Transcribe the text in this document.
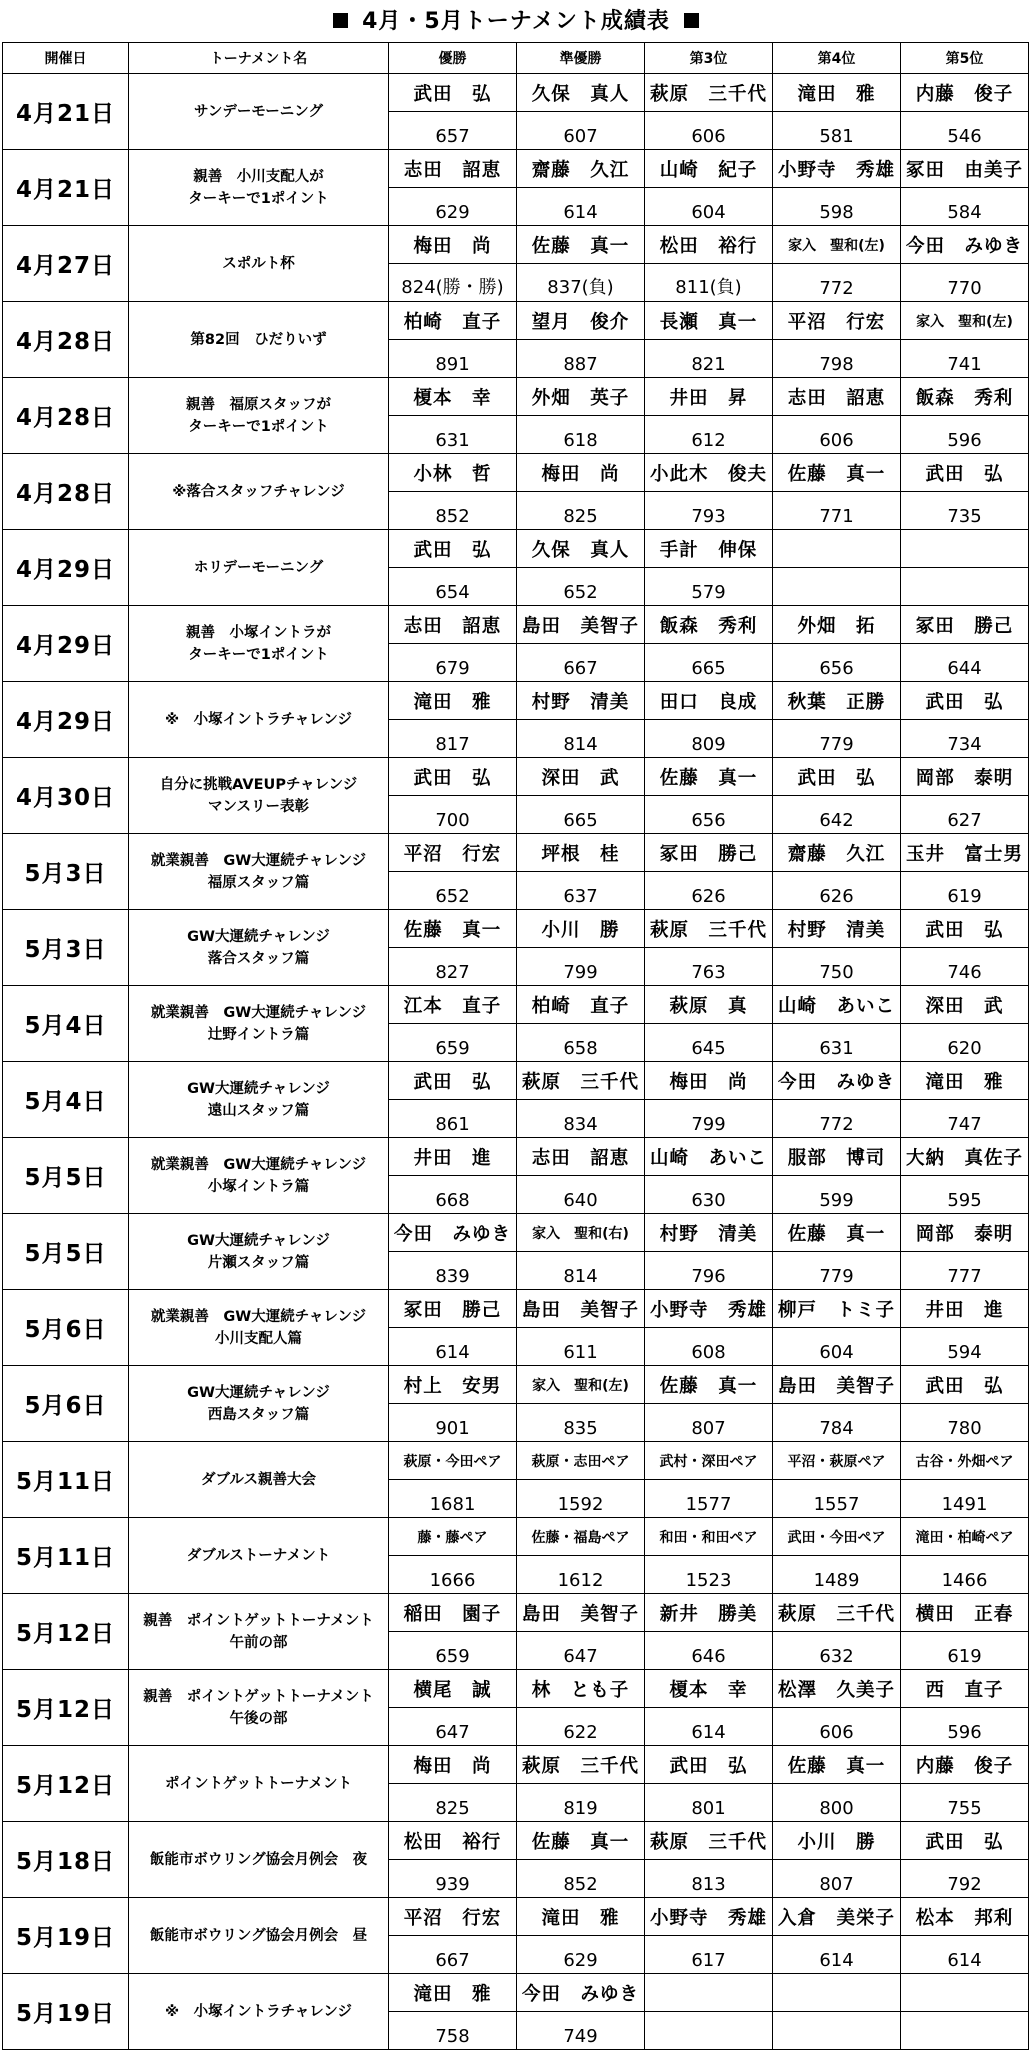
4月・5月トーナメント成績表
開催日	トーナメント名	優勝	準優勝	第3位	第4位	第5位
4月21日	サンデーモーニング	武田　弘	久保　真人	萩原　三千代	滝田　雅	内藤　俊子
		657	607	606	581	546
4月21日	親善　小川支配人が
ターキーで1ポイント	志田　詔恵	齋藤　久江	山崎　紀子	小野寺　秀雄	冢田　由美子
		629	614	604	598	584
4月27日	スポルト杯	梅田　尚	佐藤　真一	松田　裕行	家入　聖和(左)	今田　みゆき
		824(勝・勝)	837(負)	811(負)	772	770
4月28日	第82回　ひだりいず	柏崎　直子	望月　俊介	長瀬　真一	平沼　行宏	家入　聖和(左)
		891	887	821	798	741
4月28日	親善　福原スタッフが
ターキーで1ポイント	榎本　幸	外畑　英子	井田　昇	志田　詔恵	飯森　秀利
		631	618	612	606	596
4月28日	※落合スタッフチャレンジ	小林　哲	梅田　尚	小此木　俊夫	佐藤　真一	武田　弘
		852	825	793	771	735
4月29日	ホリデーモーニング	武田　弘	久保　真人	手計　伸保		
		654	652	579		
4月29日	親善　小塚イントラが
ターキーで1ポイント	志田　詔恵	島田　美智子	飯森　秀利	外畑　拓	冢田　勝己
		679	667	665	656	644
4月29日	※　小塚イントラチャレンジ	滝田　雅	村野　清美	田口　良成	秋葉　正勝	武田　弘
		817	814	809	779	734
4月30日	自分に挑戦AVEUPチャレンジ
マンスリー表彰	武田　弘	深田　武	佐藤　真一	武田　弘	岡部　泰明
		700	665	656	642	627
5月3日	就業親善　GW大運続チャレンジ
福原スタッフ篇	平沼　行宏	坪根　桂	冢田　勝己	齋藤　久江	玉井　富士男
		652	637	626	626	619
5月3日	GW大運続チャレンジ
落合スタッフ篇	佐藤　真一	小川　勝	萩原　三千代	村野　清美	武田　弘
		827	799	763	750	746
5月4日	就業親善　GW大運続チャレンジ
辻野イントラ篇	江本　直子	柏崎　直子	萩原　真	山崎　あいこ	深田　武
		659	658	645	631	620
5月4日	GW大運続チャレンジ
遠山スタッフ篇	武田　弘	萩原　三千代	梅田　尚	今田　みゆき	滝田　雅
		861	834	799	772	747
5月5日	就業親善　GW大運続チャレンジ
小塚イントラ篇	井田　進	志田　詔恵	山崎　あいこ	服部　博司	大納　真佐子
		668	640	630	599	595
5月5日	GW大運続チャレンジ
片瀬スタッフ篇	今田　みゆき	家入　聖和(右)	村野　清美	佐藤　真一	岡部　泰明
		839	814	796	779	777
5月6日	就業親善　GW大運続チャレンジ
小川支配人篇	冢田　勝己	島田　美智子	小野寺　秀雄	柳戸　トミ子	井田　進
		614	611	608	604	594
5月6日	GW大運続チャレンジ
西島スタッフ篇	村上　安男	家入　聖和(左)	佐藤　真一	島田　美智子	武田　弘
		901	835	807	784	780
5月11日	ダブルス親善大会	萩原・今田ペア	萩原・志田ペア	武村・深田ペア	平沼・萩原ペア	古谷・外畑ペア
		1681	1592	1577	1557	1491
5月11日	ダブルストーナメント	藤・藤ペア	佐藤・福島ペア	和田・和田ペア	武田・今田ペア	滝田・柏崎ペア
		1666	1612	1523	1489	1466
5月12日	親善　ポイントゲットトーナメント
午前の部	稲田　園子	島田　美智子	新井　勝美	萩原　三千代	横田　正春
		659	647	646	632	619
5月12日	親善　ポイントゲットトーナメント
午後の部	横尾　誠	林　とも子	榎本　幸	松澤　久美子	西　直子
		647	622	614	606	596
5月12日	ポイントゲットトーナメント	梅田　尚	萩原　三千代	武田　弘	佐藤　真一	内藤　俊子
		825	819	801	800	755
5月18日	飯能市ボウリング協会月例会　夜	松田　裕行	佐藤　真一	萩原　三千代	小川　勝	武田　弘
		939	852	813	807	792
5月19日	飯能市ボウリング協会月例会　昼	平沼　行宏	滝田　雅	小野寺　秀雄	入倉　美栄子	松本　邦利
		667	629	617	614	614
5月19日	※　小塚イントラチャレンジ	滝田　雅	今田　みゆき			
		758	749			
